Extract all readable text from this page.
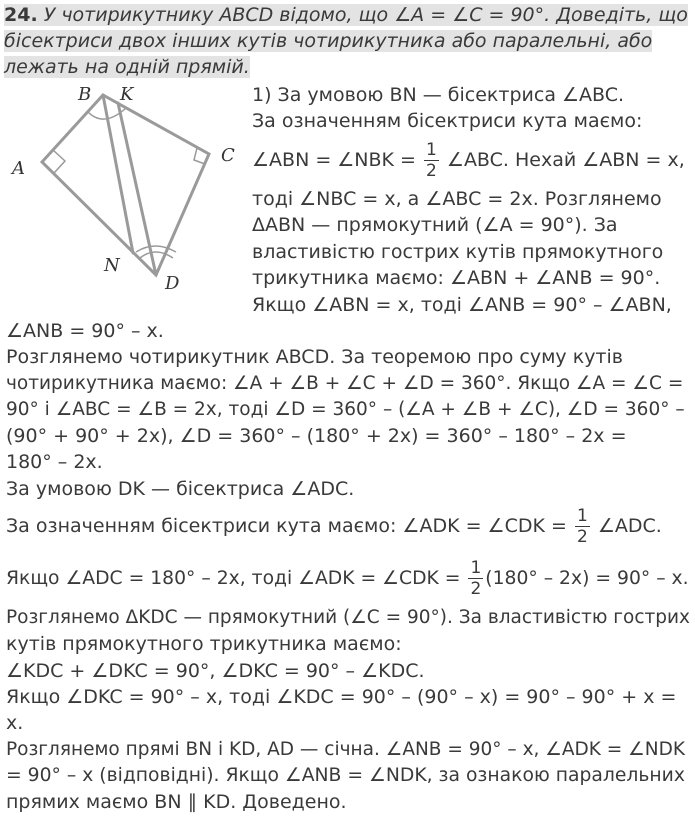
24. У чотирикутнику ABCD відомо, що ∠A = ∠C = 90°. Доведіть, що
бісектриси двох інших кутів чотирикутника або паралельні, або
лежать на одній прямій.
A
B K
C
N
D
1) За умовою BN — бісектриса ∠ABC.
За означенням бісектриси кута маємо:
∠ABN = ∠NBK = $\frac{1}{2}$ ∠ABC. Нехай ∠ABN = x,
тоді ∠NBC = x, а ∠ABC = 2x. Розглянемо
ΔABN — прямокутний (∠A = 90°). За
властивістю гострих кутів прямокутного
трикутника маємо: ∠ABN + ∠ANB = 90°.
Якщо ∠ABN = x, тоді ∠ANB = 90° – ∠ABN,
∠ANB = 90° – x.
Розглянемо чотирикутник ABCD. За теоремою про суму кутів
чотирикутника маємо: ∠A + ∠B + ∠C + ∠D = 360°. Якщо ∠A = ∠C =
90° і ∠ABC = ∠B = 2x, тоді ∠D = 360° – (∠A + ∠B + ∠C), ∠D = 360° –
(90° + 90° + 2x), ∠D = 360° – (180° + 2x) = 360° – 180° – 2x =
180° – 2x.
За умовою DK — бісектриса ∠ADC.
За означенням бісектриси кута маємо: ∠ADK = ∠CDK = $\frac{1}{2}$ ∠ADC.
Якщо ∠ADC = 180° – 2x, тоді ∠ADK = ∠CDK = $\frac{1}{2} (180^\circ - 2x) = 90^\circ - x$.
Розглянемо ΔKDC — прямокутний (∠C = 90°). За властивістю гострих
кутів прямокутного трикутника маємо:
∠KDC + ∠DKC = 90°, ∠DKC = 90° – ∠KDC.
Якщо ∠DKC = 90° – x, тоді ∠KDC = 90° – (90° – x) = 90° – 90° + x =
x.
Розглянемо прямі BN і KD, AD — січна. ∠ANB = 90° – x, ∠ADK = ∠NDK
= 90° – x (відповідні). Якщо ∠ANB = ∠NDK, за ознакою паралельних
прямих маємо BN ∥ KD. Доведено.
